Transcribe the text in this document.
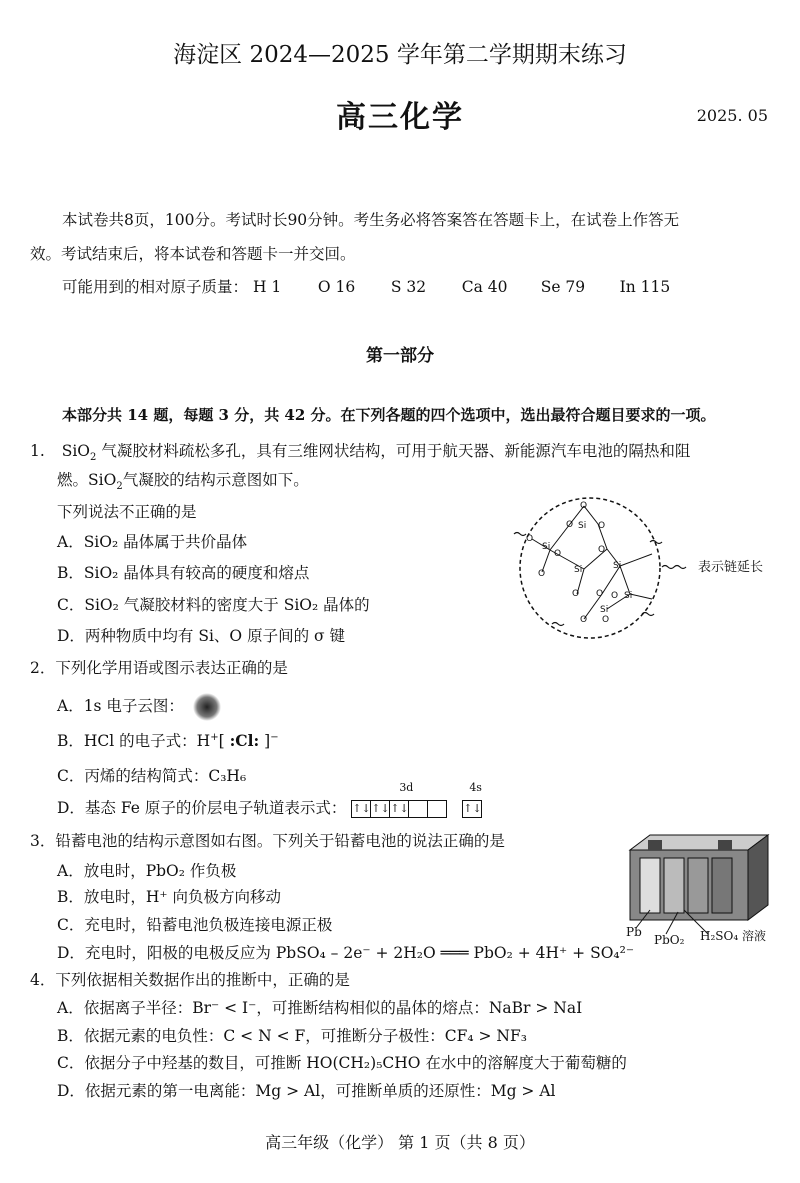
海淀区 2024—2025 学年第二学期期末练习
高三化学	2025. 05
本试卷共8页，100分。考试时长90分钟。考生务必将答案答在答题卡上，在试卷上作答无
效。考试结束后，将本试卷和答题卡一并交回。
可能用到的相对原子质量： H 1 O 16 S 32 Ca 40 Se 79 In 115
第一部分
本部分共 14 题，每题 3 分，共 42 分。在下列各题的四个选项中，选出最符合题目要求的一项。
1. SiO$_2$ 气凝胶材料疏松多孔，具有三维网状结构，可用于航天器、新能源汽车电池的隔热和阻
燃。SiO$_2$气凝胶的结构示意图如下。
下列说法不正确的是
A．SiO₂ 晶体属于共价晶体
B．SiO₂ 晶体具有较高的硬度和熔点
C．SiO₂ 气凝胶材料的密度大于 SiO₂ 晶体的
D．两种物质中均有 Si、O 原子间的 σ 键
Si
O
O
Si O
O
Si
Si
O
O O O
Si
Si
O O
O
O	表示链延长
2．下列化学用语或图示表达正确的是
A．1s 电子云图：
B．HCl 的电子式：H+[ :Cl: ]−
C．丙烯的结构简式：C₃H₆
D．基态 Fe 原子的价层电子轨道表示式：
3d	4s
↑↓↑↓↑↓	↑↓
3．铅蓄电池的结构示意图如右图。下列关于铅蓄电池的说法正确的是
A．放电时，PbO₂ 作负极
B．放电时，H⁺ 向负极方向移动
C．充电时，铅蓄电池负极连接电源正极
D．充电时，阳极的电极反应为 PbSO₄ – 2e⁻ + 2H₂O ═══ PbO₂ + 4H⁺ + SO₄²⁻
Pb
PbO₂ H₂SO₄ 溶液
4．下列依据相关数据作出的推断中，正确的是
A．依据离子半径：Br⁻ < I⁻，可推断结构相似的晶体的熔点：NaBr > NaI
B．依据元素的电负性：C < N < F，可推断分子极性：CF₄ > NF₃
C．依据分子中羟基的数目，可推断 HO(CH₂)₅CHO 在水中的溶解度大于葡萄糖的
D．依据元素的第一电离能：Mg > Al，可推断单质的还原性：Mg > Al
高三年级（化学） 第 1 页（共 8 页）
